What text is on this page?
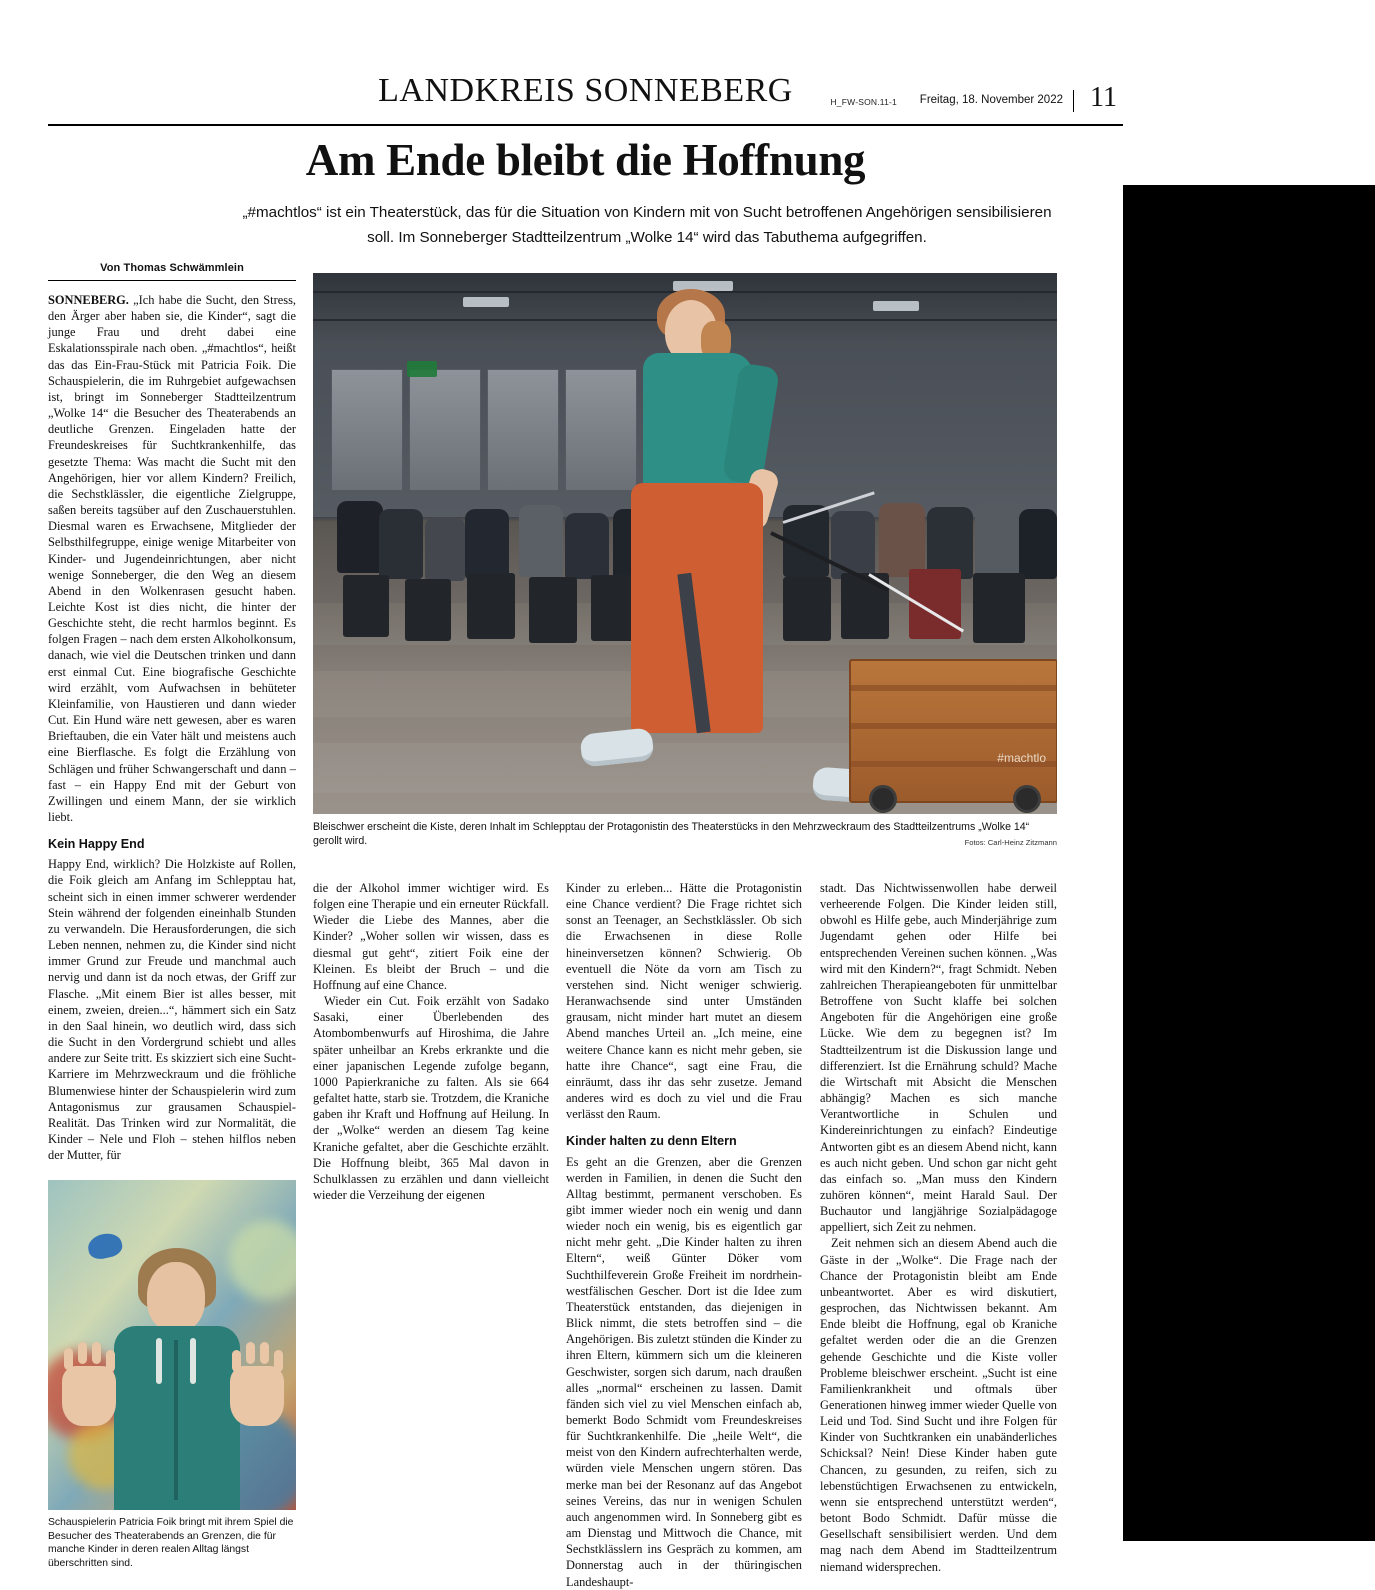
LANDKREIS SONNEBERG	H_FW-SON.11-1 Freitag, 18. November 2022 11
Am Ende bleibt die Hoffnung
„#machtlos“ ist ein Theaterstück, das für die Situation von Kindern mit von Sucht betroffenen Angehörigen sensibilisieren soll. Im Sonneberger Stadtteilzentrum „Wolke 14“ wird das Tabuthema aufgegriffen.
Von Thomas Schwämmlein
#machtlo
Bleischwer erscheint die Kiste, deren Inhalt im Schlepptau der Protagonistin des Theaterstücks in den Mehrzweckraum des Stadtteilzentrums „Wolke 14“ gerollt wird.	Fotos: Carl-Heinz Zitzmann

SONNEBERG. „Ich habe die Sucht, den Stress, den Ärger aber haben sie, die Kinder“, sagt die junge Frau und dreht dabei eine Eskalationsspirale nach oben. „#machtlos“, heißt das das Ein-Frau-Stück mit Patricia Foik. Die Schauspielerin, die im Ruhrgebiet aufgewachsen ist, bringt im Sonneberger Stadtteilzentrum „Wolke 14“ die Besucher des Theaterabends an deutliche Grenzen. Eingeladen hatte der Freundeskreises für Suchtkrankenhilfe, das gesetzte Thema: Was macht die Sucht mit den Angehörigen, hier vor allem Kindern? Freilich, die Sechstklässler, die eigentliche Zielgruppe, saßen bereits tagsüber auf den Zuschauerstuhlen. Diesmal waren es Erwachsene, Mitglieder der Selbsthilfegruppe, einige wenige Mitarbeiter von Kinder- und Jugendeinrichtungen, aber nicht wenige Sonneberger, die den Weg an diesem Abend in den Wolkenrasen gesucht haben. Leichte Kost ist dies nicht, die hinter der Geschichte steht, die recht harmlos beginnt. Es folgen Fragen – nach dem ersten Alkoholkonsum, danach, wie viel die Deutschen trinken und dann erst einmal Cut. Eine biografische Geschichte wird erzählt, vom Aufwachsen in behüteter Kleinfamilie, von Haustieren und dann wieder Cut. Ein Hund wäre nett gewesen, aber es waren Brieftauben, die ein Vater hält und meistens auch eine Bierflasche. Es folgt die Erzählung von Schlägen und früher Schwangerschaft und dann – fast – ein Happy End mit der Geburt von Zwillingen und einem Mann, der sie wirklich liebt.

Kein Happy End

Happy End, wirklich? Die Holzkiste auf Rollen, die Foik gleich am Anfang im Schlepptau hat, scheint sich in einen immer schwerer werdender Stein während der folgenden eineinhalb Stunden zu verwandeln. Die Herausforderungen, die sich Leben nennen, nehmen zu, die Kinder sind nicht immer Grund zur Freude und manchmal auch nervig und dann ist da noch etwas, der Griff zur Flasche. „Mit einem Bier ist alles besser, mit einem, zweien, dreien...“, hämmert sich ein Satz in den Saal hinein, wo deutlich wird, dass sich die Sucht in den Vordergrund schiebt und alles andere zur Seite tritt. Es skizziert sich eine Sucht-Karriere im Mehrzweckraum und die fröhliche Blumenwiese hinter der Schauspielerin wird zum Antagonismus zur grausamen Schauspiel-Realität. Das Trinken wird zur Normalität, die Kinder – Nele und Floh – stehen hilflos neben der Mutter, für

Schauspielerin Patricia Foik bringt mit ihrem Spiel die Besucher des Theaterabends an Grenzen, die für manche Kinder in deren realen Alltag längst überschritten sind.

die der Alkohol immer wichtiger wird. Es folgen eine Therapie und ein erneuter Rückfall. Wieder die Liebe des Mannes, aber die Kinder? „Woher sollen wir wissen, dass es diesmal gut geht“, zitiert Foik eine der Kleinen. Es bleibt der Bruch – und die Hoffnung auf eine Chance.

Wieder ein Cut. Foik erzählt von Sadako Sasaki, einer Überlebenden des Atombombenwurfs auf Hiroshima, die Jahre später unheilbar an Krebs erkrankte und die einer japanischen Legende zufolge begann, 1000 Papierkraniche zu falten. Als sie 664 gefaltet hatte, starb sie. Trotzdem, die Kraniche gaben ihr Kraft und Hoffnung auf Heilung. In der „Wolke“ werden an diesem Tag keine Kraniche gefaltet, aber die Geschichte erzählt. Die Hoffnung bleibt, 365 Mal davon in Schulklassen zu erzählen und dann vielleicht wieder die Verzeihung der eigenen

Kinder zu erleben... Hätte die Protagonistin eine Chance verdient? Die Frage richtet sich sonst an Teenager, an Sechstklässler. Ob sich die Erwachsenen in diese Rolle hineinversetzen können? Schwierig. Ob eventuell die Nöte da vorn am Tisch zu verstehen sind. Nicht weniger schwierig. Heranwachsende sind unter Umständen grausam, nicht minder hart mutet an diesem Abend manches Urteil an. „Ich meine, eine weitere Chance kann es nicht mehr geben, sie hatte ihre Chance“, sagt eine Frau, die einräumt, dass ihr das sehr zusetze. Jemand anderes wird es doch zu viel und die Frau verlässt den Raum.

Kinder halten zu denn Eltern

Es geht an die Grenzen, aber die Grenzen werden in Familien, in denen die Sucht den Alltag bestimmt, permanent verschoben. Es gibt immer wieder noch ein wenig und dann wieder noch ein wenig, bis es eigentlich gar nicht mehr geht. „Die Kinder halten zu ihren Eltern“, weiß Günter Döker vom Suchthilfeverein Große Freiheit im nordrhein-westfälischen Gescher. Dort ist die Idee zum Theaterstück entstanden, das diejenigen in Blick nimmt, die stets betroffen sind – die Angehörigen. Bis zuletzt stünden die Kinder zu ihren Eltern, kümmern sich um die kleineren Geschwister, sorgen sich darum, nach draußen alles „normal“ erscheinen zu lassen. Damit fänden sich viel zu viel Menschen einfach ab, bemerkt Bodo Schmidt vom Freundeskreises für Suchtkrankenhilfe. Die „heile Welt“, die meist von den Kindern aufrechterhalten werde, würden viele Menschen ungern stören. Das merke man bei der Resonanz auf das Angebot seines Vereins, das nur in wenigen Schulen auch angenommen wird. In Sonneberg gibt es am Dienstag und Mittwoch die Chance, mit Sechstklässlern ins Gespräch zu kommen, am Donnerstag auch in der thüringischen Landeshaupt-

stadt. Das Nichtwissenwollen habe derweil verheerende Folgen. Die Kinder leiden still, obwohl es Hilfe gebe, auch Minderjährige zum Jugendamt gehen oder Hilfe bei entsprechenden Vereinen suchen können. „Was wird mit den Kindern?“, fragt Schmidt. Neben zahlreichen Therapieangeboten für unmittelbar Betroffene von Sucht klaffe bei solchen Angeboten für die Angehörigen eine große Lücke. Wie dem zu begegnen ist? Im Stadtteilzentrum ist die Diskussion lange und differenziert. Ist die Ernährung schuld? Mache die Wirtschaft mit Absicht die Menschen abhängig? Machen es sich manche Verantwortliche in Schulen und Kindereinrichtungen zu einfach? Eindeutige Antworten gibt es an diesem Abend nicht, kann es auch nicht geben. Und schon gar nicht geht das einfach so. „Man muss den Kindern zuhören können“, meint Harald Saul. Der Buchautor und langjährige Sozialpädagoge appelliert, sich Zeit zu nehmen.

Zeit nehmen sich an diesem Abend auch die Gäste in der „Wolke“. Die Frage nach der Chance der Protagonistin bleibt am Ende unbeantwortet. Aber es wird diskutiert, gesprochen, das Nichtwissen bekannt. Am Ende bleibt die Hoffnung, egal ob Kraniche gefaltet werden oder die an die Grenzen gehende Geschichte und die Kiste voller Probleme bleischwer erscheint. „Sucht ist eine Familienkrankheit und oftmals über Generationen hinweg immer wieder Quelle von Leid und Tod. Sind Sucht und ihre Folgen für Kinder von Suchtkranken ein unabänderliches Schicksal? Nein! Diese Kinder haben gute Chancen, zu gesunden, zu reifen, sich zu lebenstüchtigen Erwachsenen zu entwickeln, wenn sie entsprechend unterstützt werden“, betont Bodo Schmidt. Dafür müsse die Gesellschaft sensibilisiert werden. Und dem mag nach dem Abend im Stadtteilzentrum niemand widersprechen.
